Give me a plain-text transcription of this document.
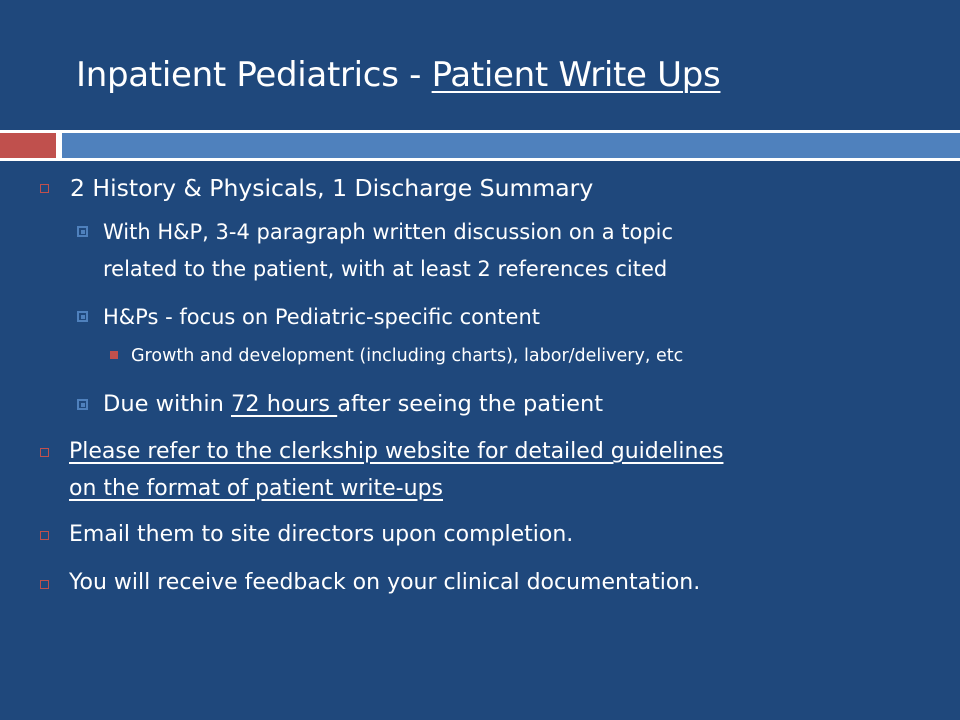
Inpatient Pediatrics - Patient Write Ups
2 History & Physicals, 1 Discharge Summary
With H&P, 3-4 paragraph written discussion on a topic
related to the patient, with at least 2 references cited
H&Ps - focus on Pediatric-specific content
Growth and development (including charts), labor/delivery, etc
Due within 72 hours after seeing the patient
Please refer to the clerkship website for detailed guidelines
on the format of patient write-ups
Email them to site directors upon completion.
You will receive feedback on your clinical documentation.
